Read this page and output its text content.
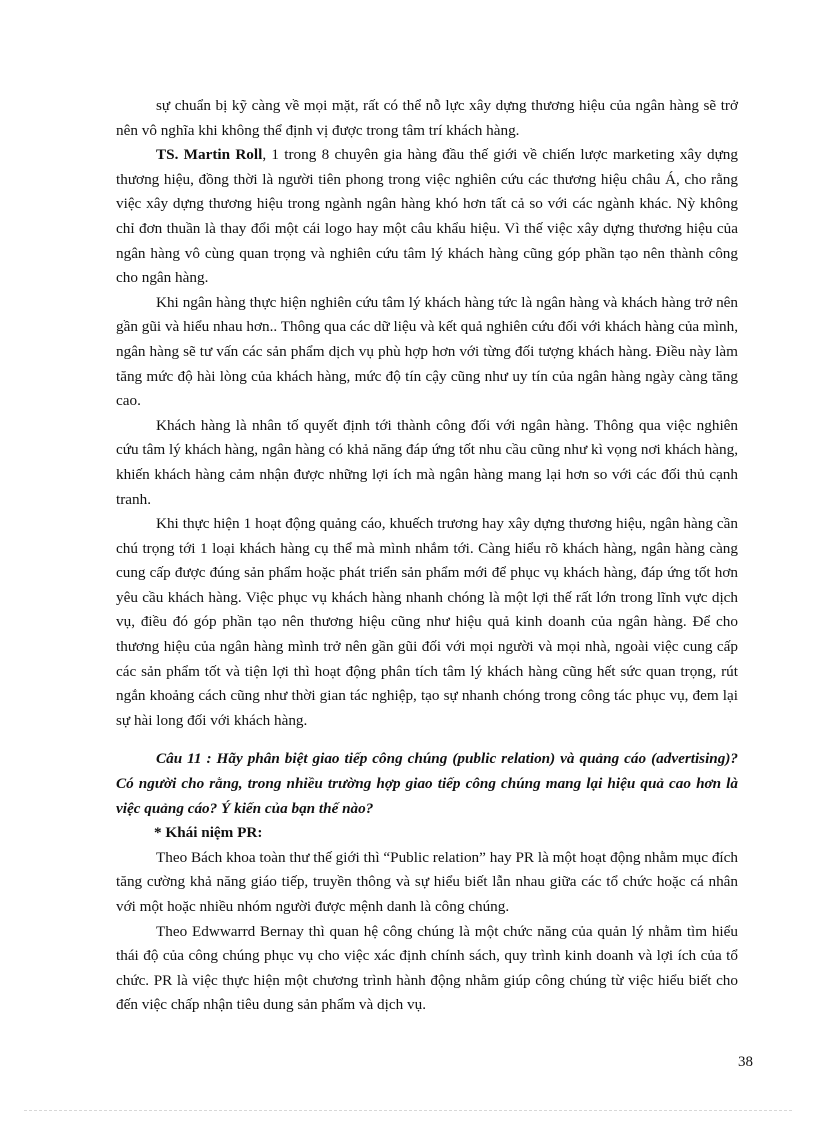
sự chuẩn bị kỹ càng về mọi mặt, rất có thể nỗ lực xây dựng thương hiệu của ngân hàng sẽ trở nên vô nghĩa khi không thể định vị được trong tâm trí khách hàng.

TS. Martin Roll, 1 trong 8 chuyên gia hàng đầu thế giới về chiến lược marketing xây dựng thương hiệu, đồng thời là người tiên phong trong việc nghiên cứu các thương hiệu châu Á, cho rằng việc xây dựng thương hiệu trong ngành ngân hàng khó hơn tất cả so với các ngành khác. Nỳ không chỉ đơn thuần là thay đổi một cái logo hay một câu khẩu hiệu. Vì thế việc xây dựng thương hiệu của ngân hàng vô cùng quan trọng và nghiên cứu tâm lý khách hàng cũng góp phần tạo nên thành công cho ngân hàng.

Khi ngân hàng thực hiện nghiên cứu tâm lý khách hàng tức là ngân hàng và khách hàng trở nên gần gũi và hiểu nhau hơn.. Thông qua các dữ liệu và kết quả nghiên cứu đối với khách hàng của mình, ngân hàng sẽ tư vấn các sản phẩm dịch vụ phù hợp hơn với từng đối tượng khách hàng. Điều này làm tăng mức độ hài lòng của khách hàng, mức độ tín cậy cũng như uy tín của ngân hàng ngày càng tăng cao.

Khách hàng là nhân tố quyết định tới thành công đối với ngân hàng. Thông qua việc nghiên cứu tâm lý khách hàng, ngân hàng có khả năng đáp ứng tốt nhu cầu cũng như kì vọng nơi khách hàng, khiến khách hàng cảm nhận được những lợi ích mà ngân hàng mang lại hơn so với các đối thủ cạnh tranh.

Khi thực hiện 1 hoạt động quảng cáo, khuếch trương hay xây dựng thương hiệu, ngân hàng cần chú trọng tới 1 loại khách hàng cụ thể mà mình nhắm tới. Càng hiểu rõ khách hàng, ngân hàng càng cung cấp được đúng sản phẩm hoặc phát triển sản phẩm mới để phục vụ khách hàng, đáp ứng tốt hơn yêu cầu khách hàng. Việc phục vụ khách hàng nhanh chóng là một lợi thế rất lớn trong lĩnh vực dịch vụ, điều đó góp phần tạo nên thương hiệu cũng như hiệu quả kinh doanh của ngân hàng. Để cho thương hiệu của ngân hàng mình trở nên gần gũi đối với mọi người và mọi nhà, ngoài việc cung cấp các sản phẩm tốt và tiện lợi thì hoạt động phân tích tâm lý khách hàng cũng hết sức quan trọng, rút ngắn khoảng cách cũng như thời gian tác nghiệp, tạo sự nhanh chóng trong công tác phục vụ, đem lại sự hài long đối với khách hàng.

Câu 11 : Hãy phân biệt giao tiếp công chúng (public relation) và quảng cáo (advertising)? Có người cho rằng, trong nhiều trường hợp giao tiếp công chúng mang lại hiệu quả cao hơn là việc quảng cáo? Ý kiến của bạn thế nào?

* Khái niệm PR:

Theo Bách khoa toàn thư thế giới thì “Public relation” hay PR là một hoạt động nhằm mục đích tăng cường khả năng giáo tiếp, truyền thông và sự hiểu biết lẫn nhau giữa các tổ chức hoặc cá nhân với một hoặc nhiều nhóm người được mệnh danh là công chúng.

Theo Edwwarrd Bernay thì quan hệ công chúng là một chức năng của quản lý nhằm tìm hiểu thái độ của công chúng phục vụ cho việc xác định chính sách, quy trình kinh doanh và lợi ích của tổ chức. PR là việc thực hiện một chương trình hành động nhằm giúp công chúng từ việc hiểu biết cho đến việc chấp nhận tiêu dung sản phẩm và dịch vụ.

38
